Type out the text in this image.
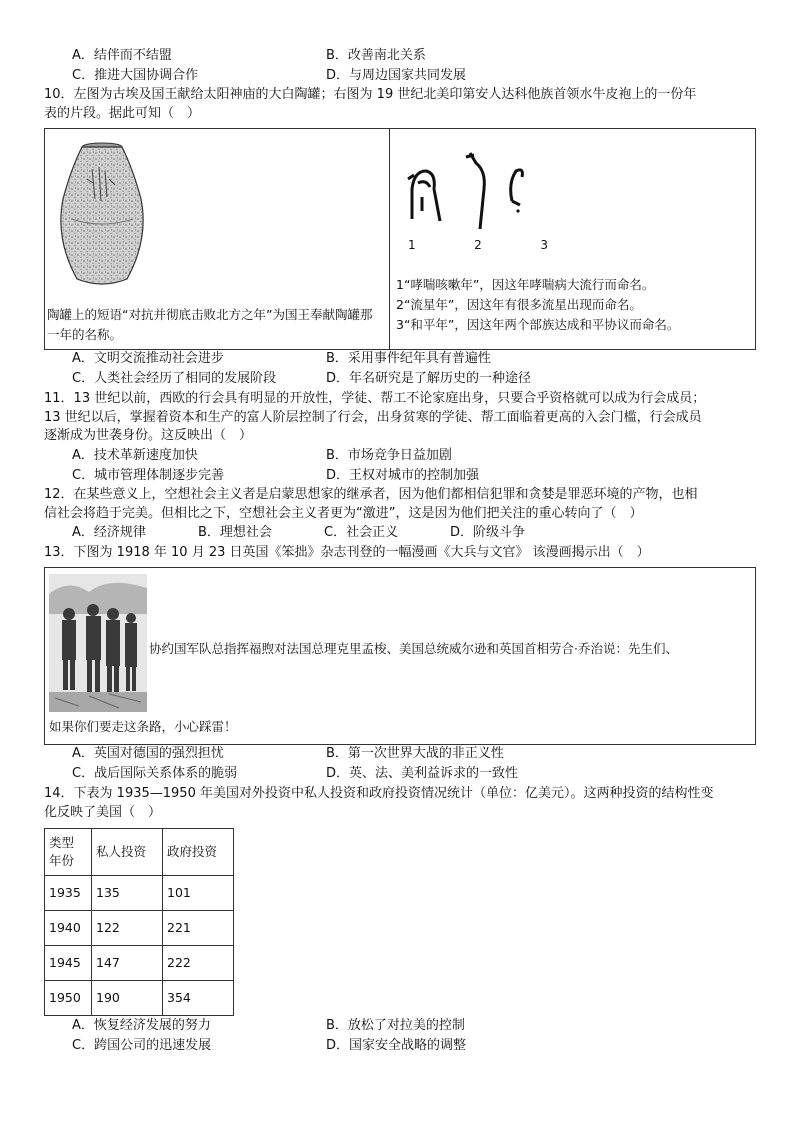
A．结伴而不结盟	B．改善南北关系
C．推进大国协调合作	D．与周边国家共同发展

10．左图为古埃及国王献给太阳神庙的大白陶罐；右图为 19 世纪北美印第安人达科他族首领水牛皮袍上的一份年

表的片段。据此可知（　）

陶罐上的短语“对抗并彻底击败北方之年”为国王奉献陶罐那一年的名称。
1	2	3
1“哮喘咳嗽年”，因这年哮喘病大流行而命名。
2“流星年”，因这年有很多流星出现而命名。
3“和平年”，因这年两个部族达成和平协议而命名。
A．文明交流推动社会进步	B．采用事件纪年具有普遍性
C．人类社会经历了相同的发展阶段	D．年名研究是了解历史的一种途径

11．13 世纪以前，西欧的行会具有明显的开放性，学徒、帮工不论家庭出身，只要合乎资格就可以成为行会成员；

13 世纪以后，掌握着资本和生产的富人阶层控制了行会，出身贫寒的学徒、帮工面临着更高的入会门槛，行会成员

逐渐成为世袭身份。这反映出（　）

A．技术革新速度加快	B．市场竞争日益加剧
C．城市管理体制逐步完善	D．王权对城市的控制加强

12．在某些意义上，空想社会主义者是启蒙思想家的继承者，因为他们都相信犯罪和贪婪是罪恶环境的产物，也相

信社会将趋于完美。但相比之下，空想社会主义者更为“激进”，这是因为他们把关注的重心转向了（　）

A．经济规律	B．理想社会	C．社会正义	D．阶级斗争

13．下图为 1918 年 10 月 23 日英国《笨拙》杂志刊登的一幅漫画《大兵与文官》 该漫画揭示出（　）

协约国军队总指挥福煦对法国总理克里孟梭、美国总统威尔逊和英国首相劳合·乔治说：先生们、
如果你们要走这条路，小心踩雷！
A．英国对德国的强烈担忧	B．第一次世界大战的非正义性
C．战后国际关系体系的脆弱	D．英、法、美利益诉求的一致性

14．下表为 1935—1950 年美国对外投资中私人投资和政府投资情况统计（单位：亿美元）。这两种投资的结构性变

化反映了美国（　）

类型
年份	私人投资	政府投资
1935	135	101
1940	122	221
1945	147	222
1950	190	354
A．恢复经济发展的努力	B．放松了对拉美的控制
C．跨国公司的迅速发展	D．国家安全战略的调整
